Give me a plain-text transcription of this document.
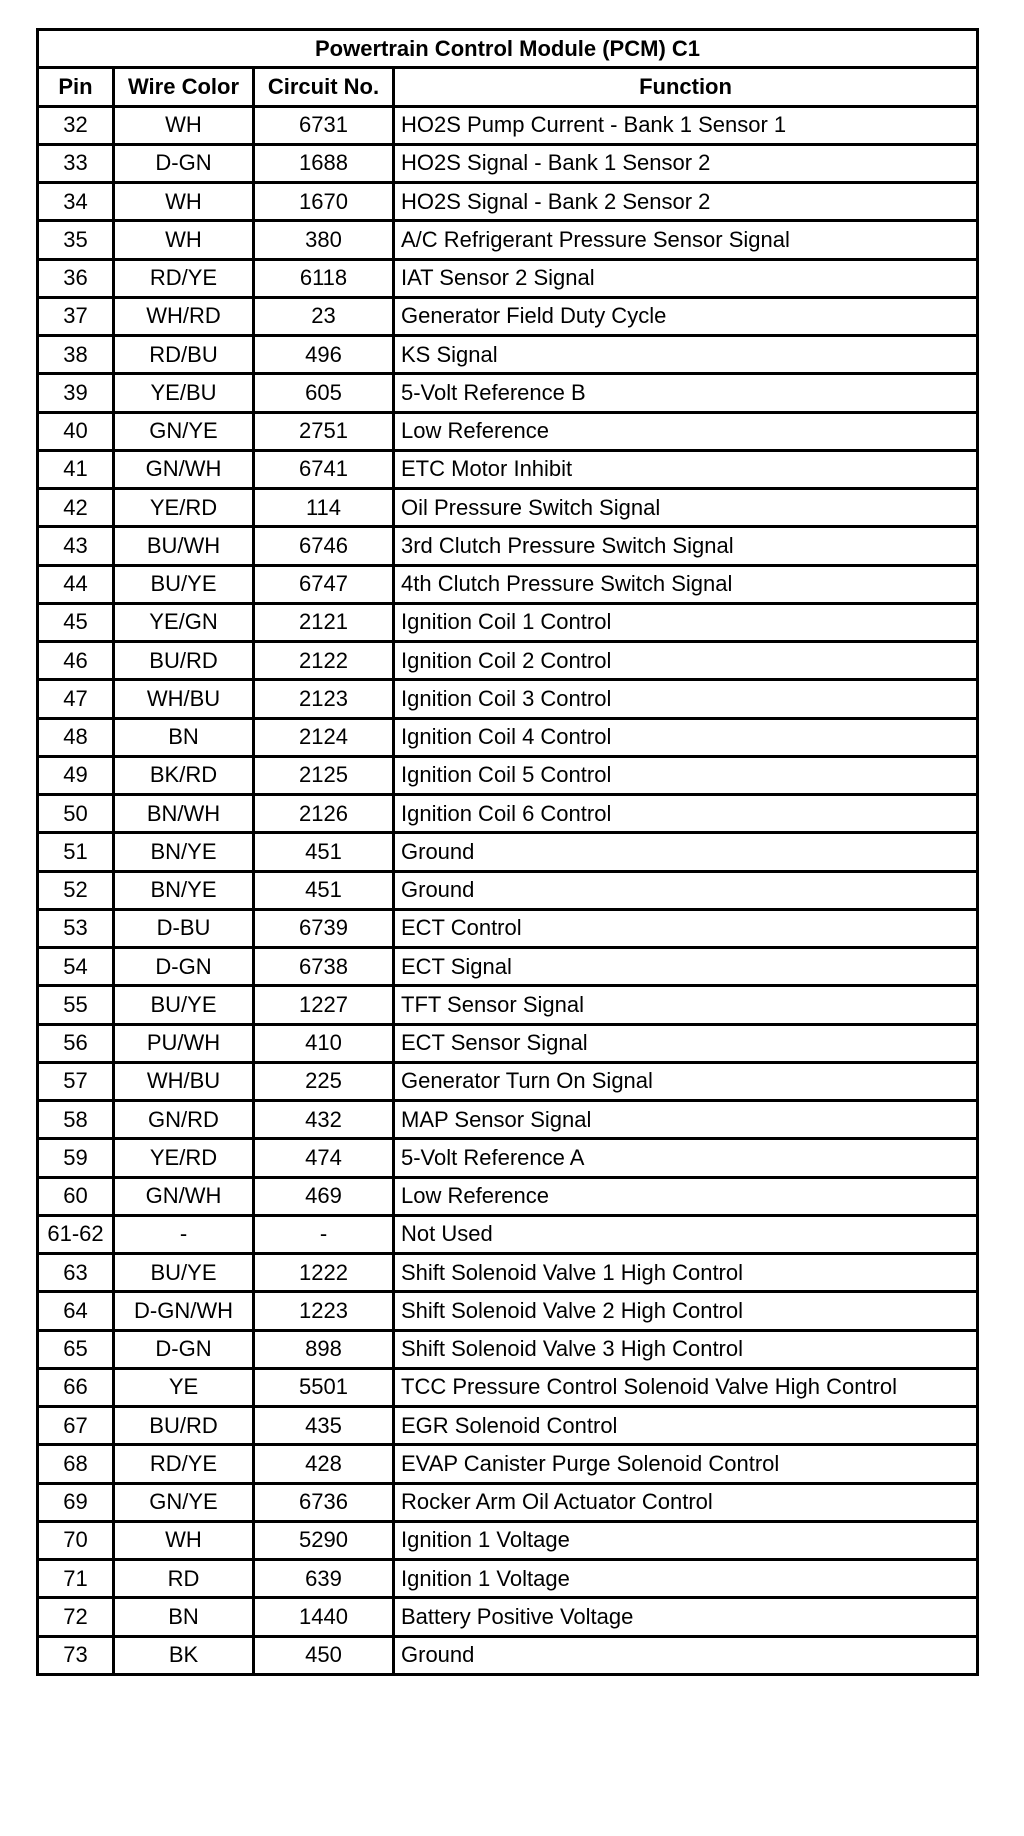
Powertrain Control Module (PCM) C1			
Pin	Wire Color	Circuit No.	Function
32	WH	6731	HO2S Pump Current - Bank 1 Sensor 1
33	D-GN	1688	HO2S Signal - Bank 1 Sensor 2
34	WH	1670	HO2S Signal - Bank 2 Sensor 2
35	WH	380	A/C Refrigerant Pressure Sensor Signal
36	RD/YE	6118	IAT Sensor 2 Signal
37	WH/RD	23	Generator Field Duty Cycle
38	RD/BU	496	KS Signal
39	YE/BU	605	5-Volt Reference B
40	GN/YE	2751	Low Reference
41	GN/WH	6741	ETC Motor Inhibit
42	YE/RD	114	Oil Pressure Switch Signal
43	BU/WH	6746	3rd Clutch Pressure Switch Signal
44	BU/YE	6747	4th Clutch Pressure Switch Signal
45	YE/GN	2121	Ignition Coil 1 Control
46	BU/RD	2122	Ignition Coil 2 Control
47	WH/BU	2123	Ignition Coil 3 Control
48	BN	2124	Ignition Coil 4 Control
49	BK/RD	2125	Ignition Coil 5 Control
50	BN/WH	2126	Ignition Coil 6 Control
51	BN/YE	451	Ground
52	BN/YE	451	Ground
53	D-BU	6739	ECT Control
54	D-GN	6738	ECT Signal
55	BU/YE	1227	TFT Sensor Signal
56	PU/WH	410	ECT Sensor Signal
57	WH/BU	225	Generator Turn On Signal
58	GN/RD	432	MAP Sensor Signal
59	YE/RD	474	5-Volt Reference A
60	GN/WH	469	Low Reference
61-62	-	-	Not Used
63	BU/YE	1222	Shift Solenoid Valve 1 High Control
64	D-GN/WH	1223	Shift Solenoid Valve 2 High Control
65	D-GN	898	Shift Solenoid Valve 3 High Control
66	YE	5501	TCC Pressure Control Solenoid Valve High Control
67	BU/RD	435	EGR Solenoid Control
68	RD/YE	428	EVAP Canister Purge Solenoid Control
69	GN/YE	6736	Rocker Arm Oil Actuator Control
70	WH	5290	Ignition 1 Voltage
71	RD	639	Ignition 1 Voltage
72	BN	1440	Battery Positive Voltage
73	BK	450	Ground
